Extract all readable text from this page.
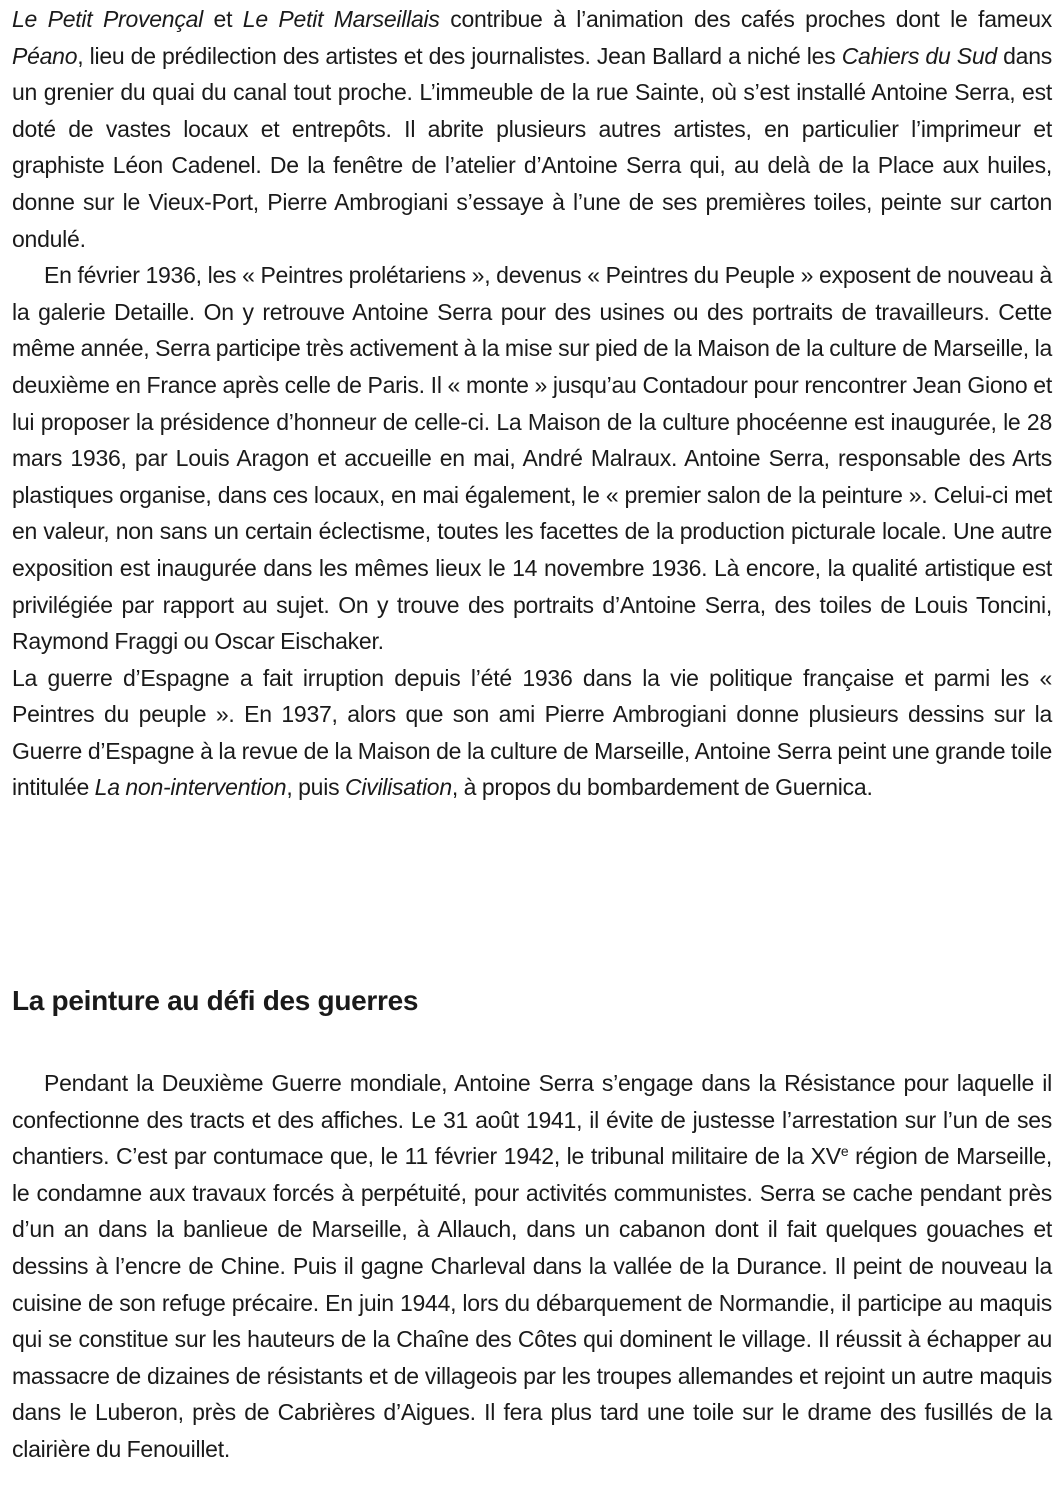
Le Petit Provençal et Le Petit Marseillais contribue à l’animation des cafés proches dont le fameux Péano, lieu de prédilection des artistes et des journalistes. Jean Ballard a niché les Cahiers du Sud dans un grenier du quai du canal tout proche. L’immeuble de la rue Sainte, où s’est installé Antoine Serra, est doté de vastes locaux et entrepôts. Il abrite plusieurs autres artistes, en particulier l’imprimeur et graphiste Léon Cadenel. De la fenêtre de l’atelier d’Antoine Serra qui, au delà de la Place aux huiles, donne sur le Vieux-Port, Pierre Ambrogiani s’essaye à l’une de ses premières toiles, peinte sur carton ondulé.

En février 1936, les « Peintres prolétariens », devenus « Peintres du Peuple » exposent de nouveau à la galerie Detaille. On y retrouve Antoine Serra pour des usines ou des portraits de travailleurs. Cette même année, Serra participe très activement à la mise sur pied de la Maison de la culture de Marseille, la deuxième en France après celle de Paris. Il « monte » jusqu’au Contadour pour rencontrer Jean Giono et lui proposer la présidence d’honneur de celle-ci. La Maison de la culture phocéenne est inaugurée, le 28 mars 1936, par Louis Aragon et accueille en mai, André Malraux. Antoine Serra, responsable des Arts plastiques organise, dans ces locaux, en mai également, le « premier salon de la peinture ». Celui-ci met en valeur, non sans un certain éclectisme, toutes les facettes de la production picturale locale. Une autre exposition est inaugurée dans les mêmes lieux le 14 novembre 1936. Là encore, la qualité artistique est privilégiée par rapport au sujet. On y trouve des portraits d’Antoine Serra, des toiles de Louis Toncini, Raymond Fraggi ou Oscar Eischaker.

La guerre d’Espagne a fait irruption depuis l’été 1936 dans la vie politique française et parmi les « Peintres du peuple ». En 1937, alors que son ami Pierre Ambrogiani donne plusieurs dessins sur la Guerre d’Espagne à la revue de la Maison de la culture de Marseille, Antoine Serra peint une grande toile intitulée La non-intervention, puis Civilisation, à propos du bombardement de Guernica.

La peinture au défi des guerres

Pendant la Deuxième Guerre mondiale, Antoine Serra s’engage dans la Résistance pour laquelle il confectionne des tracts et des affiches. Le 31 août 1941, il évite de justesse l’arrestation sur l’un de ses chantiers. C’est par contumace que, le 11 février 1942, le tribunal militaire de la XVe région de Marseille, le condamne aux travaux forcés à perpétuité, pour activités communistes. Serra se cache pendant près d’un an dans la banlieue de Marseille, à Allauch, dans un cabanon dont il fait quelques gouaches et dessins à l’encre de Chine. Puis il gagne Charleval dans la vallée de la Durance. Il peint de nouveau la cuisine de son refuge précaire. En juin 1944, lors du débarquement de Normandie, il participe au maquis qui se constitue sur les hauteurs de la Chaîne des Côtes qui dominent le village. Il réussit à échapper au massacre de dizaines de résistants et de villageois par les troupes allemandes et rejoint un autre maquis dans le Luberon, près de Cabrières d’Aigues. Il fera plus tard une toile sur le drame des fusillés de la clairière du Fenouillet.
